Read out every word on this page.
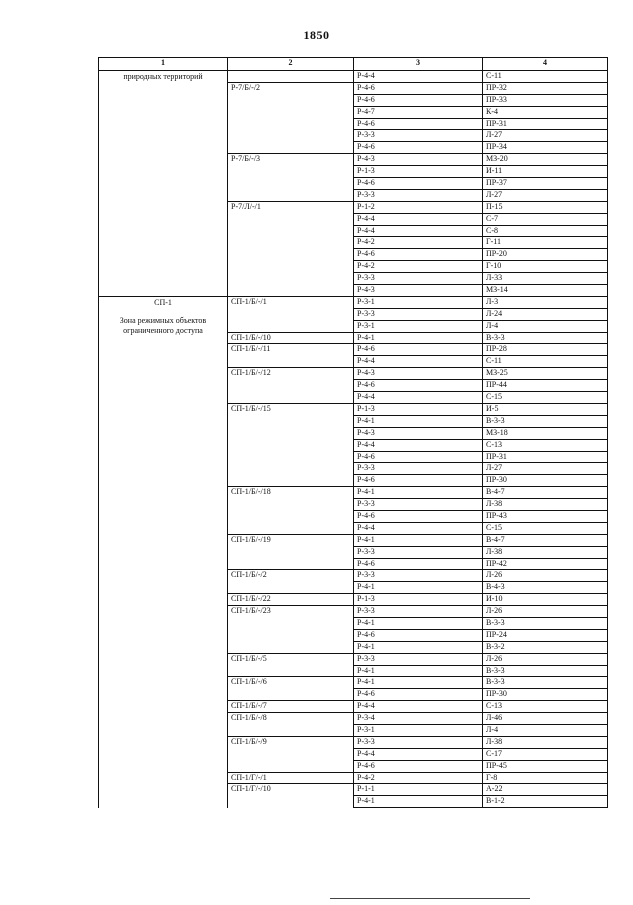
1850
1	2	3	4

природных территорий		Р-4-4	С-11
	Р-7/Б/-/2	Р-4-6	ПР-32
		Р-4-6	ПР-33
		Р-4-7	К-4
		Р-4-6	ПР-31
		Р-3-3	Л-27
		Р-4-6	ПР-34
	Р-7/Б/-/3	Р-4-3	МЗ-20
		Р-1-3	И-11
		Р-4-6	ПР-37
		Р-3-3	Л-27
	Р-7/Л/-/1	Р-1-2	П-15
		Р-4-4	С-7
		Р-4-4	С-8
		Р-4-2	Г-11
		Р-4-6	ПР-20
		Р-4-2	Г-10
		Р-3-3	Л-33
		Р-4-3	МЗ-14

СП-1
Зона режимных объектов ограниченного доступа	СП-1/Б/-/1	Р-3-1	Л-3
		Р-3-3	Л-24
		Р-3-1	Л-4
	СП-1/Б/-/10	Р-4-1	В-3-3
	СП-1/Б/-/11	Р-4-6	ПР-28
		Р-4-4	С-11
	СП-1/Б/-/12	Р-4-3	МЗ-25
		Р-4-6	ПР-44
		Р-4-4	С-15
	СП-1/Б/-/15	Р-1-3	И-5
		Р-4-1	В-3-3
		Р-4-3	МЗ-18
		Р-4-4	С-13
		Р-4-6	ПР-31
		Р-3-3	Л-27
		Р-4-6	ПР-30
	СП-1/Б/-/18	Р-4-1	В-4-7
		Р-3-3	Л-38
		Р-4-6	ПР-43
		Р-4-4	С-15
	СП-1/Б/-/19	Р-4-1	В-4-7
		Р-3-3	Л-38
		Р-4-6	ПР-42
	СП-1/Б/-/2	Р-3-3	Л-26
		Р-4-1	В-4-3
	СП-1/Б/-/22	Р-1-3	И-10
	СП-1/Б/-/23	Р-3-3	Л-26
		Р-4-1	В-3-3
		Р-4-6	ПР-24
		Р-4-1	В-3-2
	СП-1/Б/-/5	Р-3-3	Л-26
		Р-4-1	В-3-3
	СП-1/Б/-/6	Р-4-1	В-3-3
		Р-4-6	ПР-30
	СП-1/Б/-/7	Р-4-4	С-13
	СП-1/Б/-/8	Р-3-4	Л-46
		Р-3-1	Л-4
	СП-1/Б/-/9	Р-3-3	Л-38
		Р-4-4	С-17
		Р-4-6	ПР-45
	СП-1/Г/-/1	Р-4-2	Г-8
	СП-1/Г/-/10	Р-1-1	А-22
		Р-4-1	В-1-2
